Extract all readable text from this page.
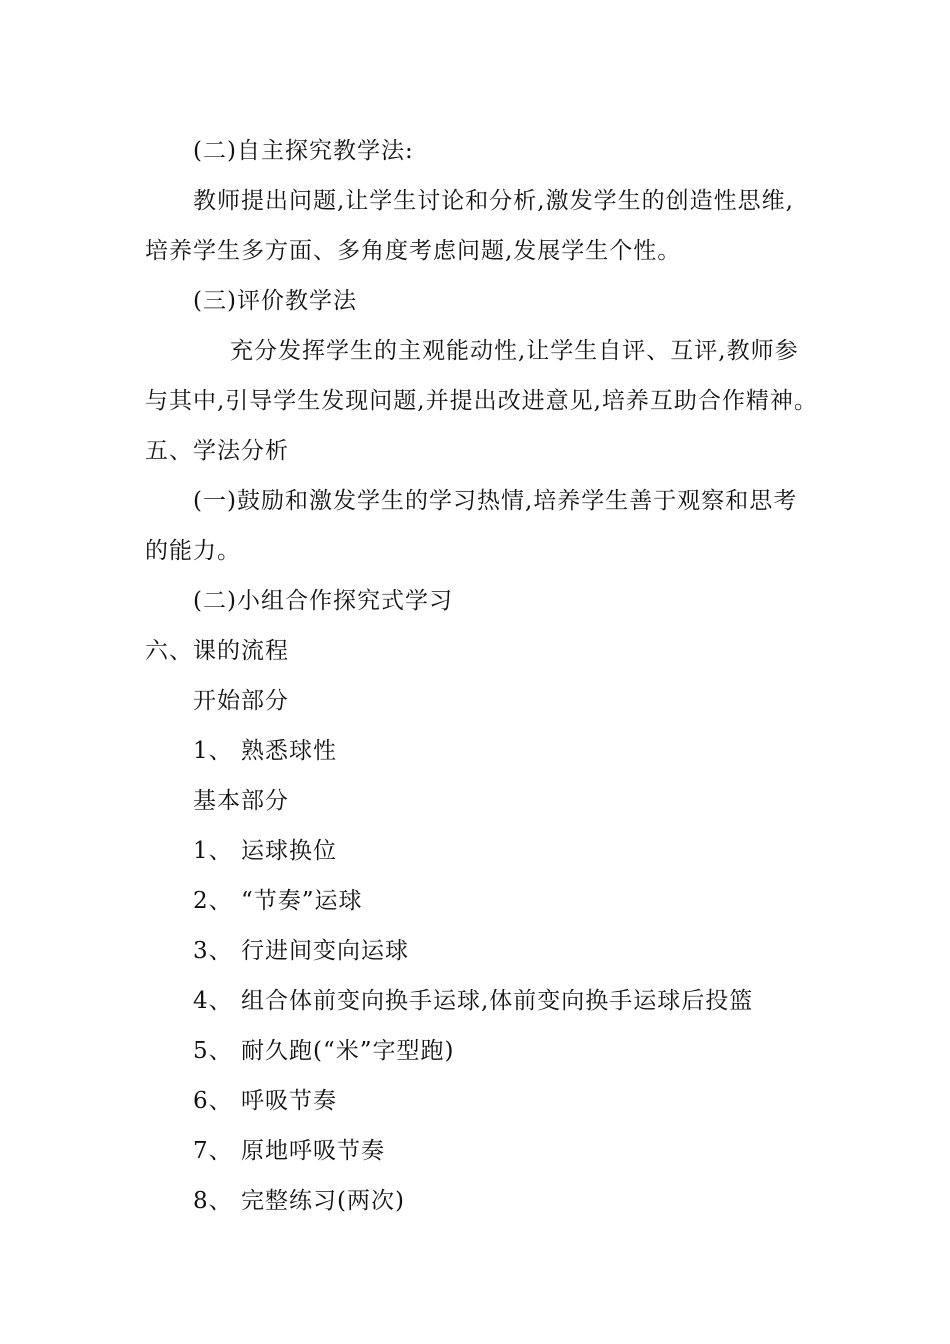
(二)自主探究教学法:
教师提出问题,让学生讨论和分析,激发学生的创造性思维,
培养学生多方面、多角度考虑问题,发展学生个性。
(三)评价教学法
充分发挥学生的主观能动性,让学生自评、互评,教师参
与其中,引导学生发现问题,并提出改进意见,培养互助合作精神。
五、学法分析
(一)鼓励和激发学生的学习热情,培养学生善于观察和思考
的能力。
(二)小组合作探究式学习
六、课的流程
开始部分
1、 熟悉球性
基本部分
1、 运球换位
2、 “节奏”运球
3、 行进间变向运球
4、 组合体前变向换手运球,体前变向换手运球后投篮
5、 耐久跑(“米”字型跑)
6、 呼吸节奏
7、 原地呼吸节奏
8、 完整练习(两次)
